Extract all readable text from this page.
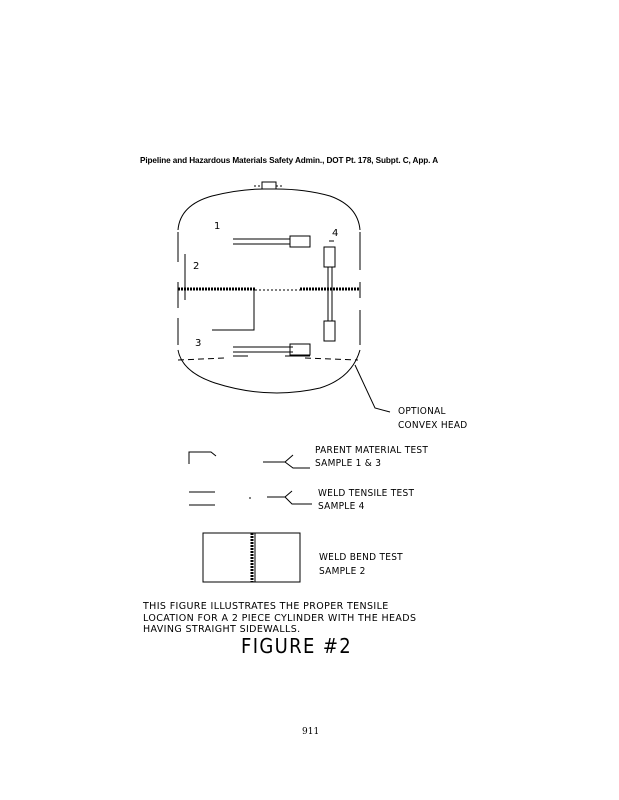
Pipeline and Hazardous Materials Safety Admin., DOT Pt. 178, Subpt. C, App. A
1
2
3
4
OPTIONAL
CONVEX HEAD
PARENT MATERIAL TEST
SAMPLE 1 & 3
WELD TENSILE TEST
SAMPLE 4
WELD BEND TEST
SAMPLE 2
THIS FIGURE ILLUSTRATES THE PROPER TENSILE
LOCATION FOR A 2 PIECE CYLINDER WITH THE HEADS
HAVING STRAIGHT SIDEWALLS.
FIGURE #2
911
